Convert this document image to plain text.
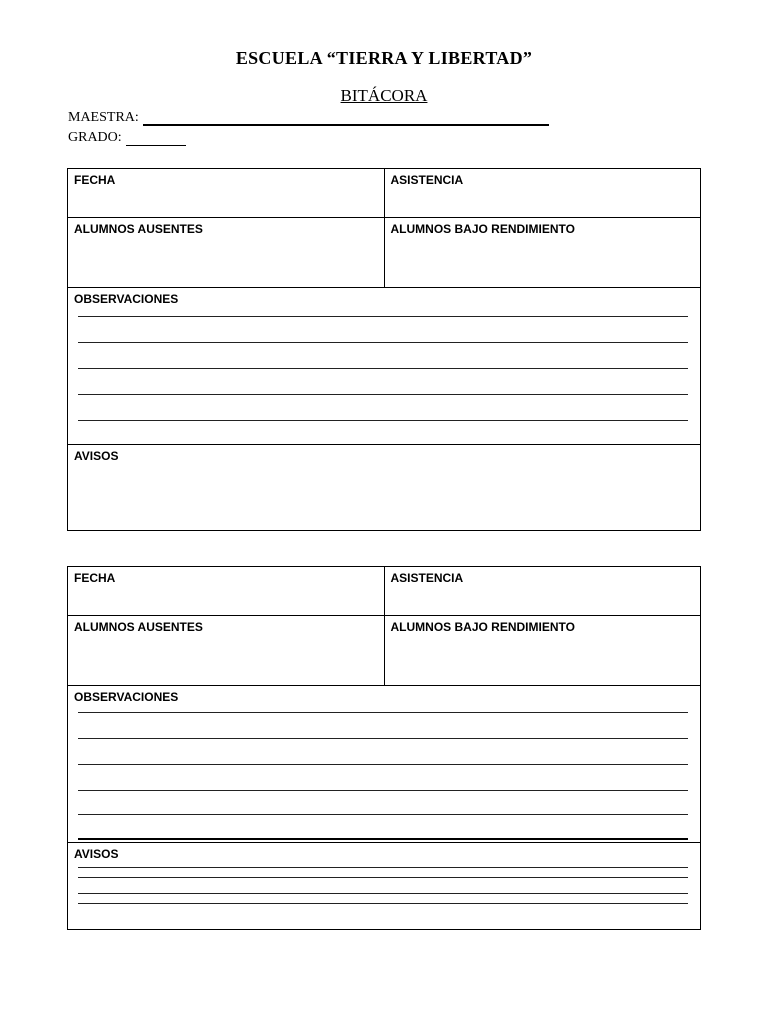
ESCUELA “TIERRA Y LIBERTAD”
BITÁCORA
MAESTRA:
GRADO:
FECHA	ASISTENCIA
ALUMNOS AUSENTES	ALUMNOS BAJO RENDIMIENTO
OBSERVACIONES
AVISOS
FECHA	ASISTENCIA
ALUMNOS AUSENTES	ALUMNOS BAJO RENDIMIENTO
OBSERVACIONES
AVISOS
